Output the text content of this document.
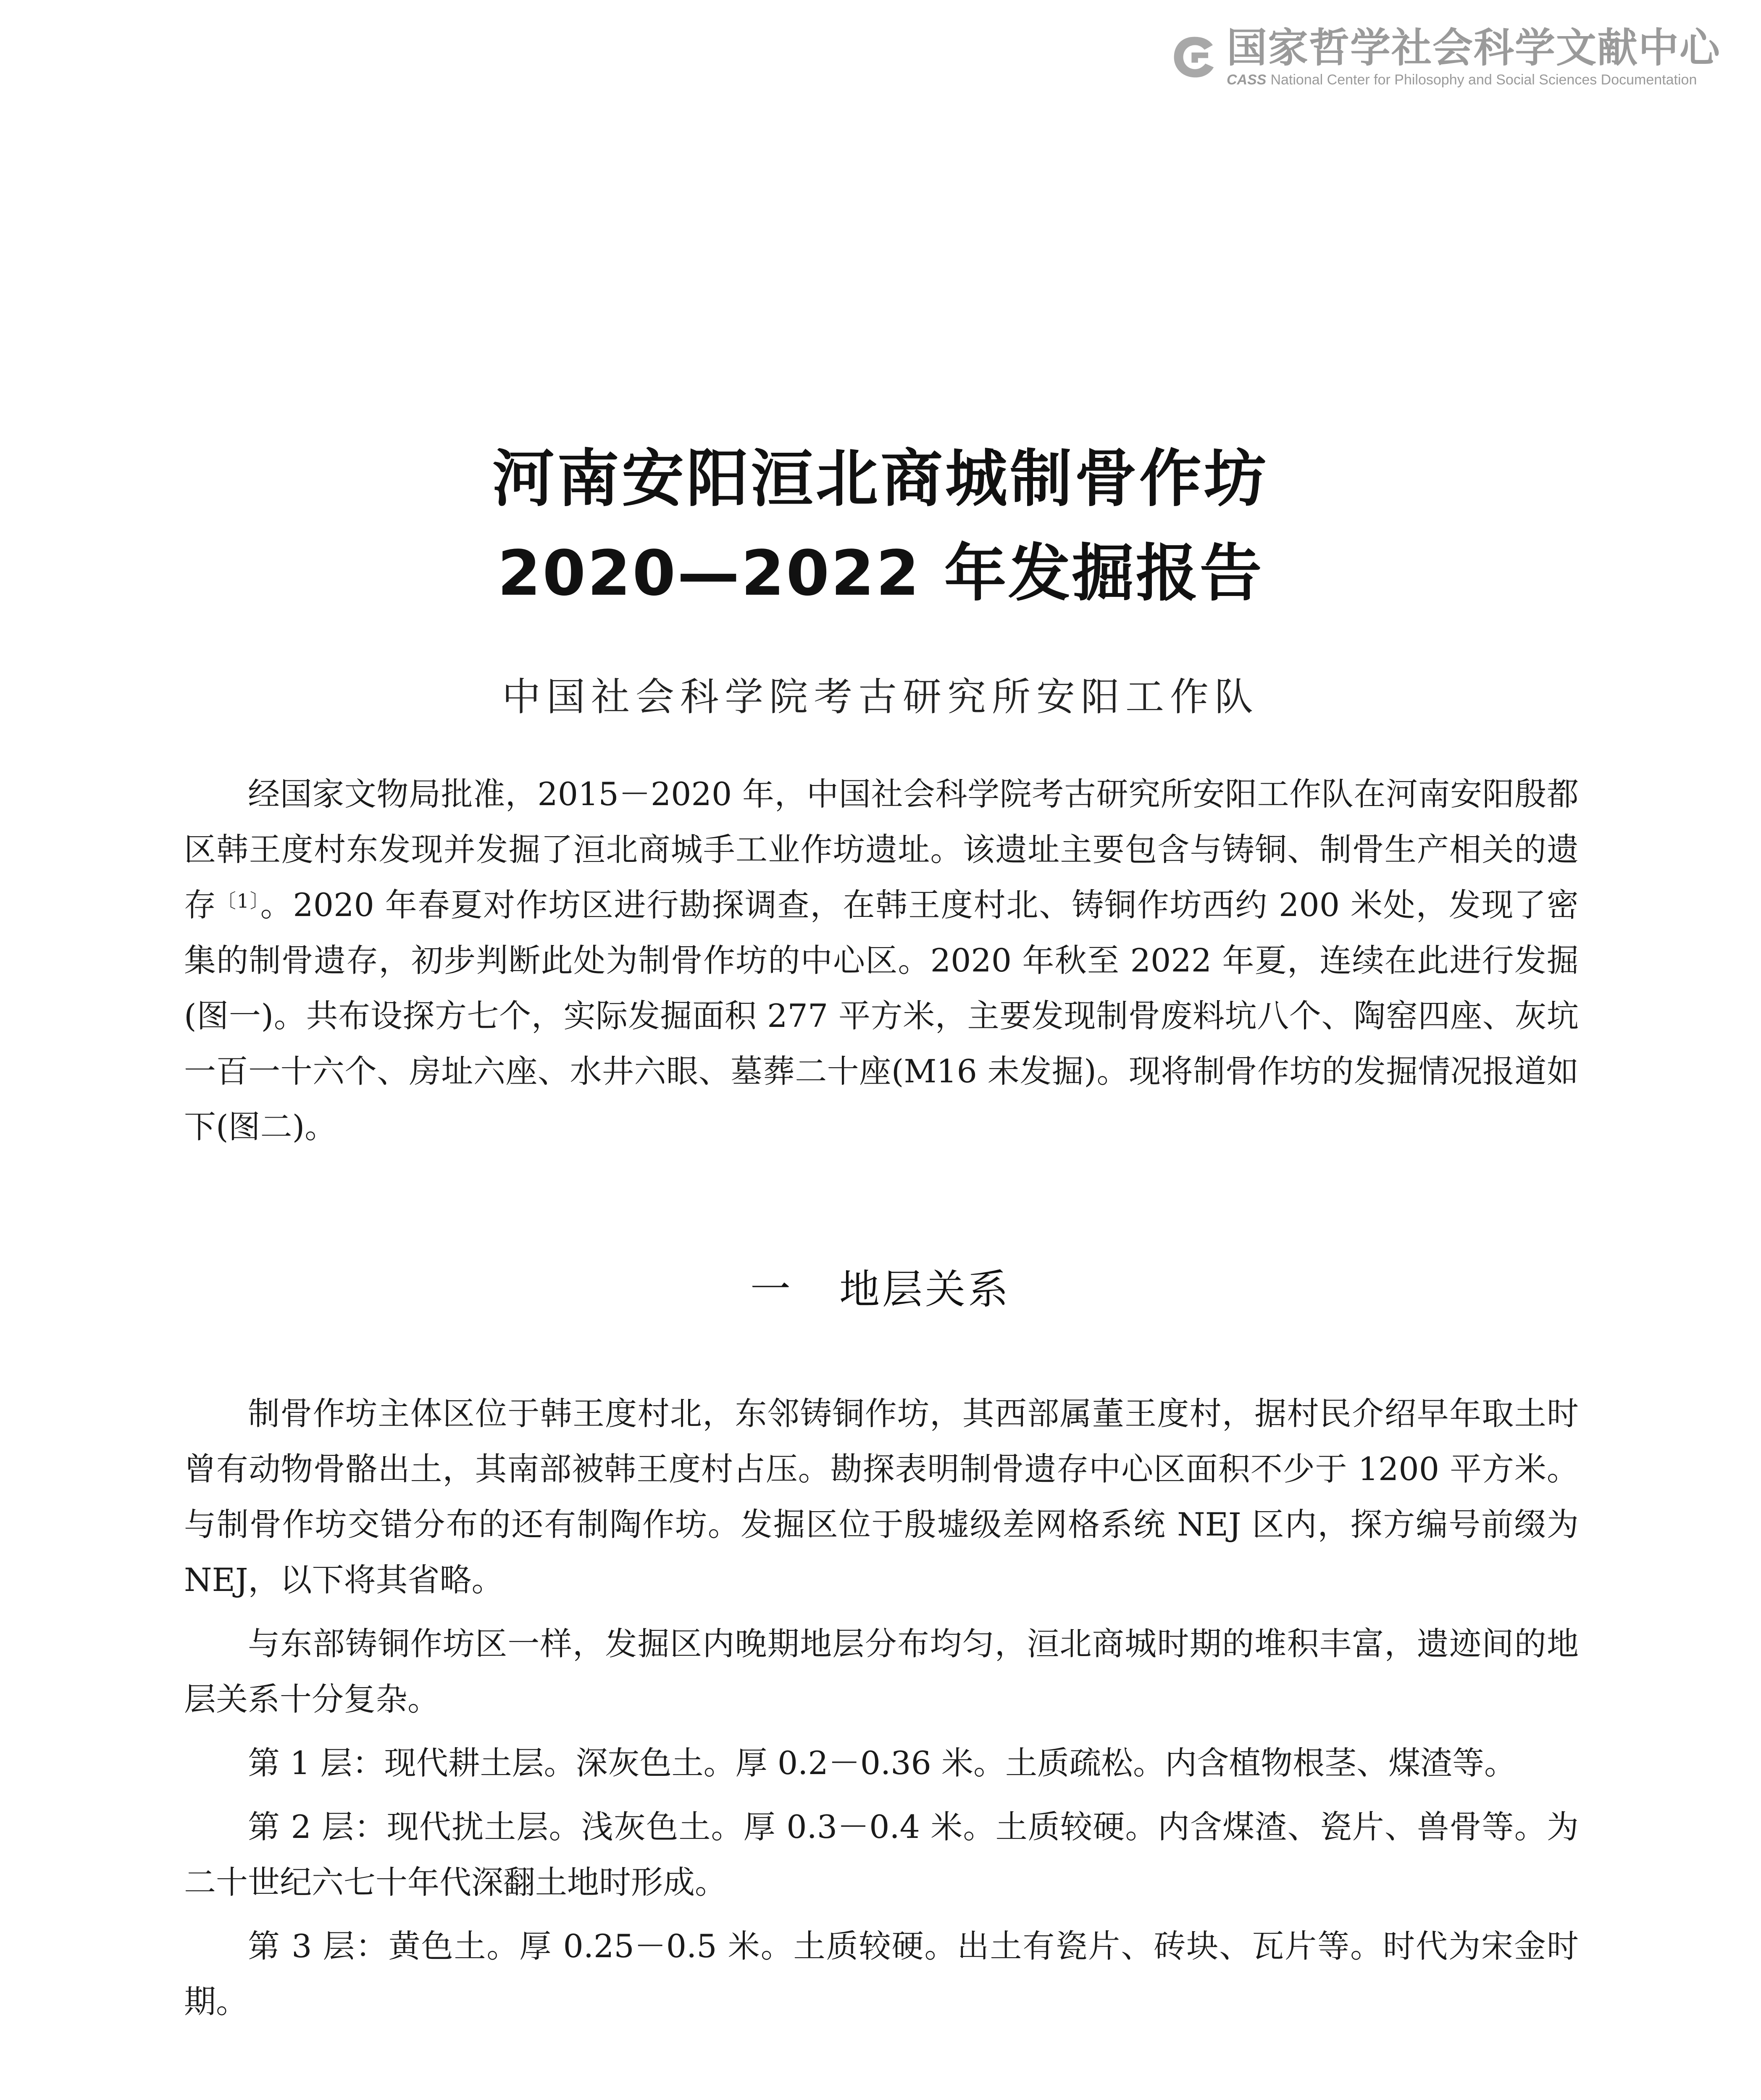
国家哲学社会科学文献中心
CASS National Center for Philosophy and Social Sciences Documentation
河南安阳洹北商城制骨作坊
2020—2022 年发掘报告
中国社会科学院考古研究所安阳工作队

经国家文物局批准，2015－2020 年，中国社会科学院考古研究所安阳工作队在河南安阳殷都区韩王度村东发现并发掘了洹北商城手工业作坊遗址。该遗址主要包含与铸铜、制骨生产相关的遗存$^{〔1〕}$。2020 年春夏对作坊区进行勘探调查，在韩王度村北、铸铜作坊西约 200 米处，发现了密集的制骨遗存，初步判断此处为制骨作坊的中心区。2020 年秋至 2022 年夏，连续在此进行发掘(图一)。共布设探方七个，实际发掘面积 277 平方米，主要发现制骨废料坑八个、陶窑四座、灰坑一百一十六个、房址六座、水井六眼、墓葬二十座(M16 未发掘)。现将制骨作坊的发掘情况报道如下(图二)。

一 地层关系

制骨作坊主体区位于韩王度村北，东邻铸铜作坊，其西部属董王度村，据村民介绍早年取土时曾有动物骨骼出土，其南部被韩王度村占压。勘探表明制骨遗存中心区面积不少于 1200 平方米。与制骨作坊交错分布的还有制陶作坊。发掘区位于殷墟级差网格系统 NEJ 区内，探方编号前缀为 NEJ，以下将其省略。

与东部铸铜作坊区一样，发掘区内晚期地层分布均匀，洹北商城时期的堆积丰富，遗迹间的地层关系十分复杂。

第 1 层：现代耕土层。深灰色土。厚 0.2－0.36 米。土质疏松。内含植物根茎、煤渣等。

第 2 层：现代扰土层。浅灰色土。厚 0.3－0.4 米。土质较硬。内含煤渣、瓷片、兽骨等。为二十世纪六七十年代深翻土地时形成。

第 3 层：黄色土。厚 0.25－0.5 米。土质较硬。出土有瓷片、砖块、瓦片等。时代为宋金时期。
